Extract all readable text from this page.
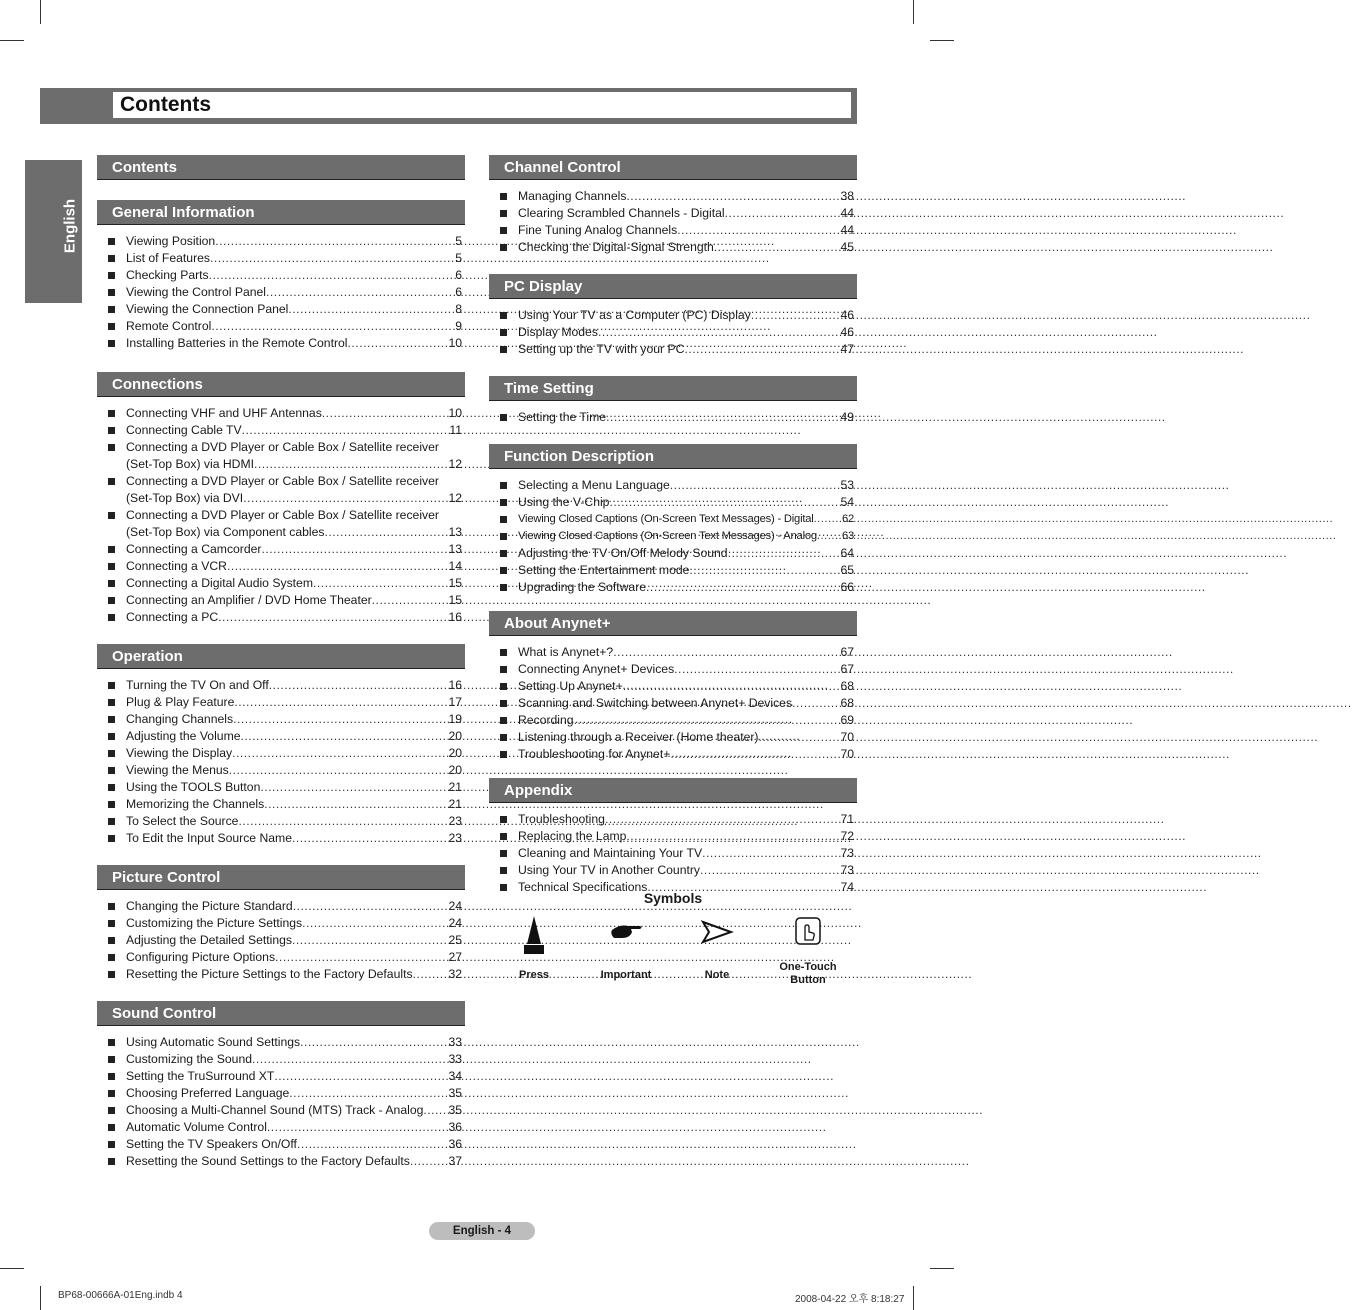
Contents
English
Contents
General Information
Viewing Position .....	5
List of Features .....	5
Checking Parts .....	6
Viewing the Control Panel .....	6
Viewing the Connection Panel .....	8
Remote Control .....	9
Installing Batteries in the Remote Control .....	10
Connections
Connecting VHF and UHF Antennas .....	10
Connecting Cable TV .....	11
Connecting a DVD Player or Cable Box / Satellite receiver
(Set-Top Box) via HDMI .....	12
Connecting a DVD Player or Cable Box / Satellite receiver
(Set-Top Box) via DVI .....	12
Connecting a DVD Player or Cable Box / Satellite receiver
(Set-Top Box) via Component cables .....	13
Connecting a Camcorder .....	13
Connecting a VCR .....	14
Connecting a Digital Audio System .....	15
Connecting an Amplifier / DVD Home Theater .....	15
Connecting a PC .....	16
Operation
Turning the TV On and Off .....	16
Plug & Play Feature .....	17
Changing Channels .....	19
Adjusting the Volume .....	20
Viewing the Display .....	20
Viewing the Menus .....	20
Using the TOOLS Button .....	21
Memorizing the Channels .....	21
To Select the Source .....	23
To Edit the Input Source Name .....	23
Picture Control
Changing the Picture Standard .....	24
Customizing the Picture Settings .....	24
Adjusting the Detailed Settings .....	25
Configuring Picture Options .....	27
Resetting the Picture Settings to the Factory Defaults .....	32
Sound Control
Using Automatic Sound Settings .....	33
Customizing the Sound .....	33
Setting the TruSurround XT .....	34
Choosing Preferred Language .....	35
Choosing a Multi-Channel Sound (MTS) Track - Analog ..... 35
Automatic Volume Control .....	36
Setting the TV Speakers On/Off .....	36
Resetting the Sound Settings to the Factory Defaults .....	37
Channel Control
Managing Channels .....	38
Clearing Scrambled Channels - Digital .....	44
Fine Tuning Analog Channels .....	44
Checking the Digital-Signal Strength .....	45
PC Display
Using Your TV as a Computer (PC) Display .....	46
Display Modes .....	46
Setting up the TV with your PC .....	47
Time Setting
Setting the Time .....	49
Function Description
Selecting a Menu Language .....	53
Using the V-Chip .....	54
Viewing Closed Captions (On-Screen Text Messages) - Digital .....	62
Viewing Closed Captions (On-Screen Text Messages) - Analog ..... 63
Adjusting the TV On/Off Melody Sound .....	64
Setting the Entertainment mode .....	65
Upgrading the Software .....	66
About Anynet+
What is Anynet+? .....	67
Connecting Anynet+ Devices .....	67
Setting Up Anynet+ .....	68
Scanning and Switching between Anynet+ Devices .....	68
Recording .....	69
Listening through a Receiver (Home theater) .....	70
Troubleshooting for Anynet+ .....	70
Appendix
Troubleshooting .....	71
Replacing the Lamp .....	72
Cleaning and Maintaining Your TV .....	73
Using Your TV in Another Country .....	73
Technical Specifications .....	74
Symbols
Press	Important	Note
One-Touch Button
English - 4
BP68-00666A-01Eng.indb 4	2008-04-22 오후 8:18:27
